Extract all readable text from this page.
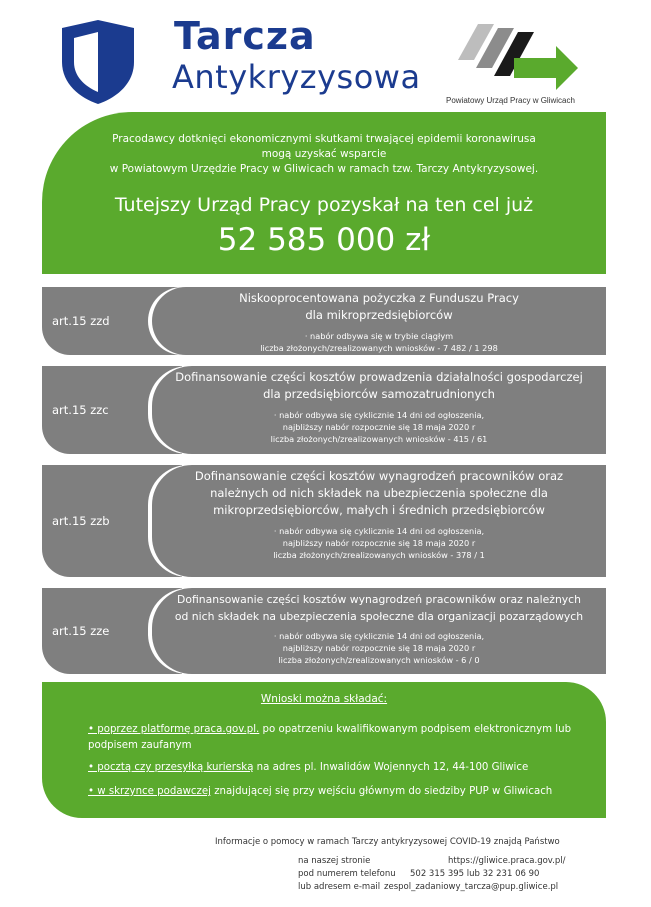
Tarcza
Antykryzysowa
Powiatowy Urząd Pracy w Gliwicach
Pracodawcy dotknięci ekonomicznymi skutkami trwającej epidemii koronawirusa
mogą uzyskać wsparcie
w Powiatowym Urzędzie Pracy w Gliwicach w ramach tzw. Tarczy Antykryzysowej.
Tutejszy Urząd Pracy pozyskał na ten cel już
52 585 000 zł
art.15 zzd
Niskooprocentowana pożyczka z Funduszu Pracy
dla mikroprzedsiębiorców
· nabór odbywa się w trybie ciągłym
liczba złożonych/zrealizowanych wniosków - 7 482 / 1 298
art.15 zzc
Dofinansowanie części kosztów prowadzenia działalności gospodarczej
dla przedsiębiorców samozatrudnionych
· nabór odbywa się cyklicznie 14 dni od ogłoszenia,
najbliższy nabór rozpocznie się 18 maja 2020 r
liczba złożonych/zrealizowanych wniosków - 415 / 61
art.15 zzb
Dofinansowanie części kosztów wynagrodzeń pracowników oraz
należnych od nich składek na ubezpieczenia społeczne dla
mikroprzedsiębiorców, małych i średnich przedsiębiorców
· nabór odbywa się cyklicznie 14 dni od ogłoszenia,
najbliższy nabór rozpocznie się 18 maja 2020 r
liczba złożonych/zrealizowanych wniosków - 378 / 1
art.15 zze
Dofinansowanie części kosztów wynagrodzeń pracowników oraz należnych
od nich składek na ubezpieczenia społeczne dla organizacji pozarządowych
· nabór odbywa się cyklicznie 14 dni od ogłoszenia,
najbliższy nabór rozpocznie się 18 maja 2020 r
liczba złożonych/zrealizowanych wniosków - 6 / 0
Wnioski można składać:
• poprzez platformę praca.gov.pl. po opatrzeniu kwalifikowanym podpisem elektronicznym lub
podpisem zaufanym
• pocztą czy przesyłką kurierską na adres pl. Inwalidów Wojennych 12, 44-100 Gliwice
• w skrzynce podawczej znajdującej się przy wejściu głównym do siedziby PUP w Gliwicach
Informacje o pomocy w ramach Tarczy antykryzysowej COVID-19 znajdą Państwo
na naszej stronie	https://gliwice.praca.gov.pl/
pod numerem telefonu 502 315 395 lub 32 231 06 90
lub adresem e-mail zespol_zadaniowy_tarcza@pup.gliwice.pl
